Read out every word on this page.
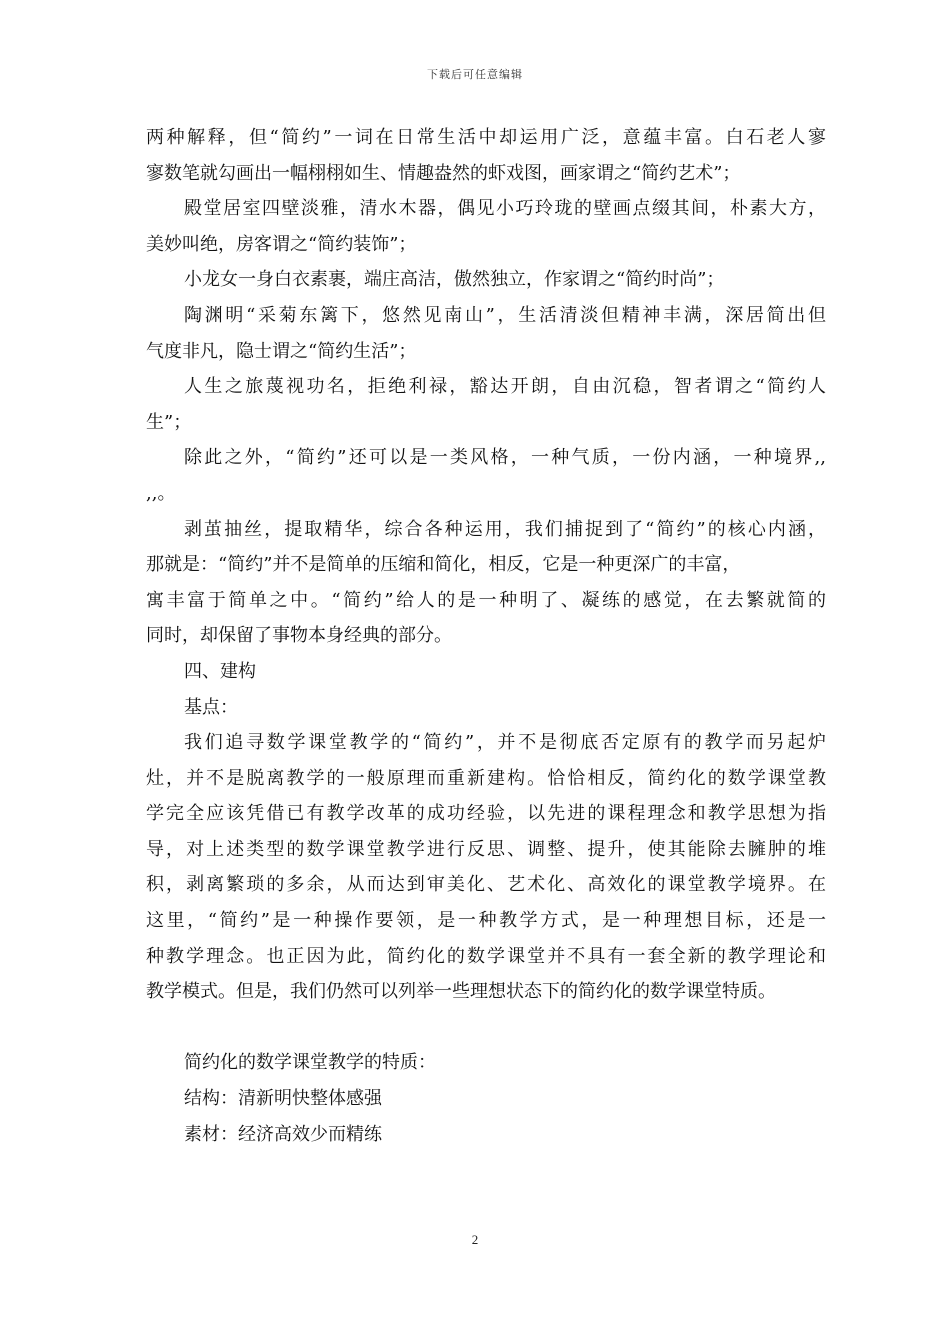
下载后可任意编辑
两种解释，但“简约”一词在日常生活中却运用广泛，意蕴丰富。白石老人寥
寥数笔就勾画出一幅栩栩如生、情趣盎然的虾戏图，画家谓之“简约艺术”；
殿堂居室四壁淡雅，清水木器，偶见小巧玲珑的壁画点缀其间，朴素大方，
美妙叫绝，房客谓之“简约装饰”；
小龙女一身白衣素裹，端庄高洁，傲然独立，作家谓之“简约时尚”；
陶渊明“采菊东篱下，悠然见南山”，生活清淡但精神丰满，深居简出但
气度非凡，隐士谓之“简约生活”；
人生之旅蔑视功名，拒绝利禄，豁达开朗，自由沉稳，智者谓之“简约人
生”；
除此之外，“简约”还可以是一类风格，一种气质，一份内涵，一种境界,,
,,。
剥茧抽丝，提取精华，综合各种运用，我们捕捉到了“简约”的核心内涵，
那就是：“简约”并不是简单的压缩和简化，相反，它是一种更深广的丰富，
寓丰富于简单之中。“简约”给人的是一种明了、凝练的感觉，在去繁就简的
同时，却保留了事物本身经典的部分。
四、建构
基点：
我们追寻数学课堂教学的“简约”，并不是彻底否定原有的教学而另起炉
灶，并不是脱离教学的一般原理而重新建构。恰恰相反，简约化的数学课堂教
学完全应该凭借已有教学改革的成功经验，以先进的课程理念和教学思想为指
导，对上述类型的数学课堂教学进行反思、调整、提升，使其能除去臃肿的堆
积，剥离繁琐的多余，从而达到审美化、艺术化、高效化的课堂教学境界。在
这里，“简约”是一种操作要领，是一种教学方式，是一种理想目标，还是一
种教学理念。也正因为此，简约化的数学课堂并不具有一套全新的教学理论和
教学模式。但是，我们仍然可以列举一些理想状态下的简约化的数学课堂特质。
简约化的数学课堂教学的特质：
结构：清新明快整体感强
素材：经济高效少而精练
2
